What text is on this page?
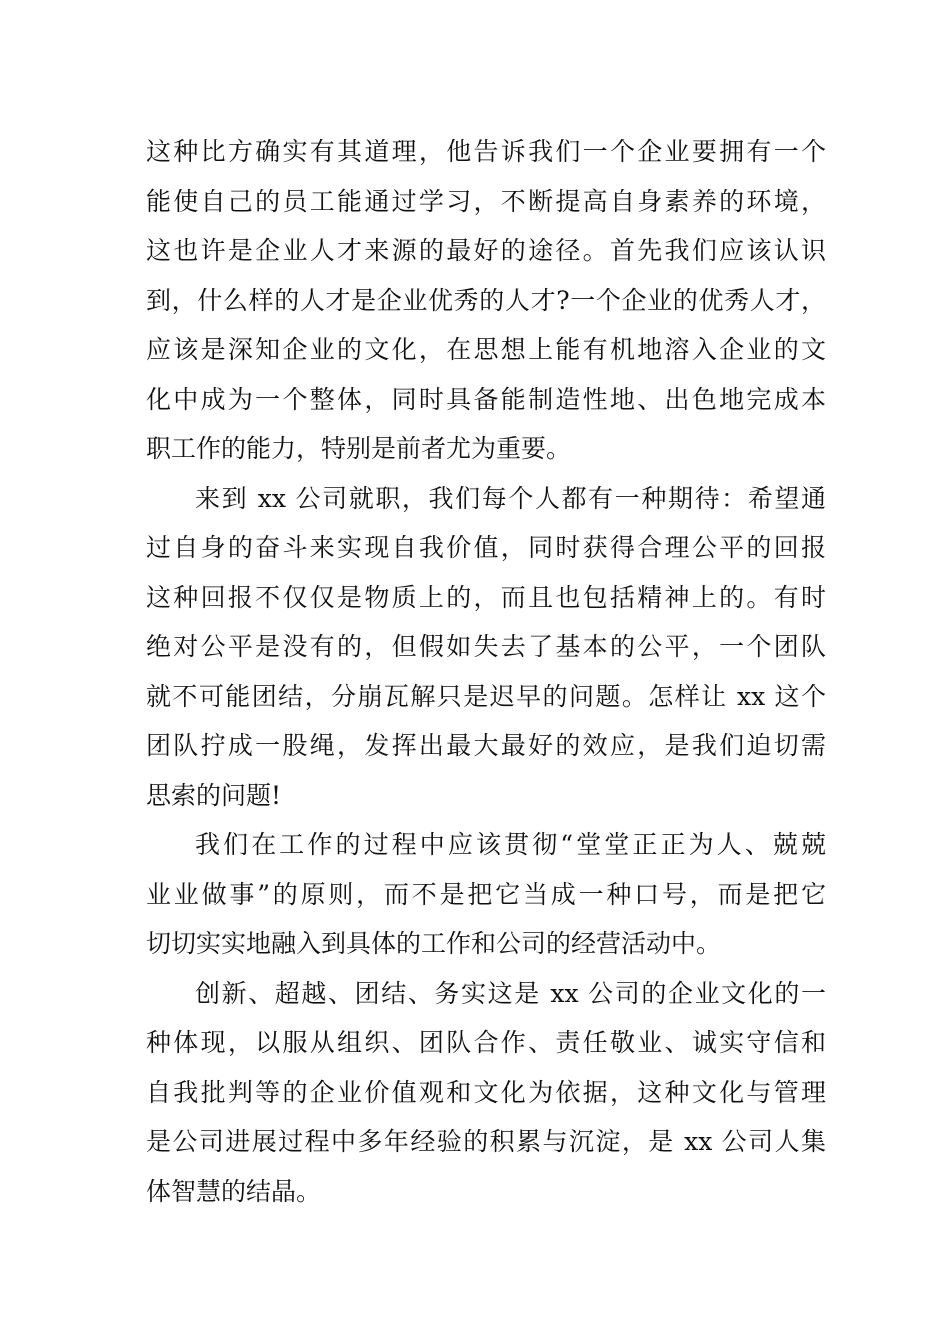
这种比方确实有其道理，他告诉我们一个企业要拥有一个
能使自己的员工能通过学习，不断提高自身素养的环境，
这也许是企业人才来源的最好的途径。首先我们应该认识
到，什么样的人才是企业优秀的人才?一个企业的优秀人才，
应该是深知企业的文化，在思想上能有机地溶入企业的文
化中成为一个整体，同时具备能制造性地、出色地完成本
职工作的能力，特别是前者尤为重要。
来到 xx 公司就职，我们每个人都有一种期待：希望通
过自身的奋斗来实现自我价值，同时获得合理公平的回报
这种回报不仅仅是物质上的，而且也包括精神上的。有时
绝对公平是没有的，但假如失去了基本的公平，一个团队
就不可能团结，分崩瓦解只是迟早的问题。怎样让 xx 这个
团队拧成一股绳，发挥出最大最好的效应，是我们迫切需
思索的问题!
我们在工作的过程中应该贯彻“堂堂正正为人、兢兢
业业做事”的原则，而不是把它当成一种口号，而是把它
切切实实地融入到具体的工作和公司的经营活动中。
创新、超越、团结、务实这是 xx 公司的企业文化的一
种体现，以服从组织、团队合作、责任敬业、诚实守信和
自我批判等的企业价值观和文化为依据，这种文化与管理
是公司进展过程中多年经验的积累与沉淀，是 xx 公司人集
体智慧的结晶。
